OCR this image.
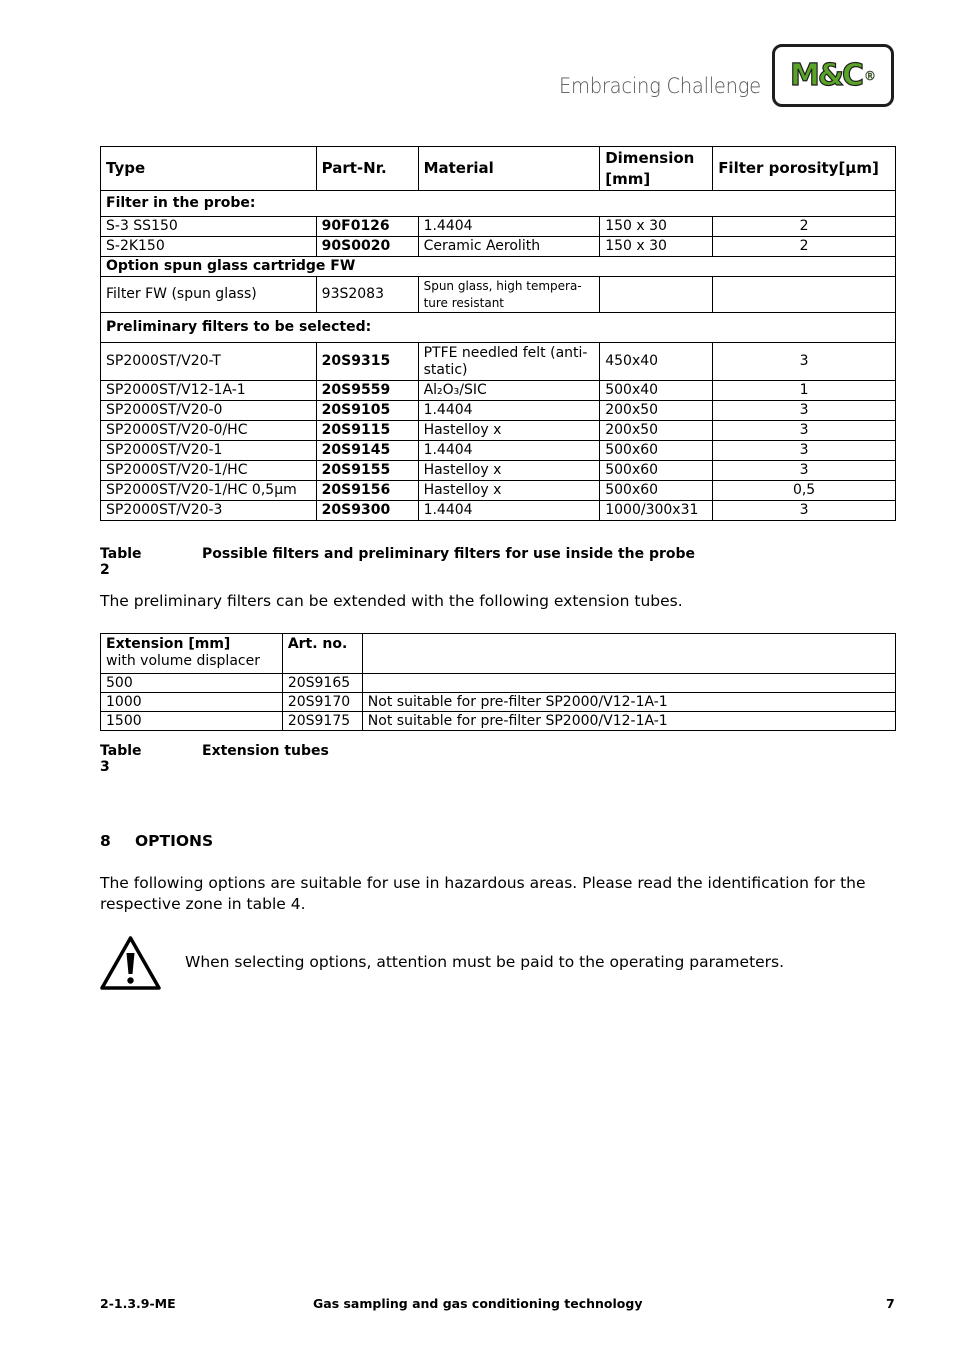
Embracing Challenge M&C ®
Type	Part-Nr.	Material	Dimension [mm]	Filter porosity[μm]
Filter in the probe:				
S-3 SS150	90F0126	1.4404	150 x 30	2
S-2K150	90S0020	Ceramic Aerolith	150 x 30	2
Option spun glass cartridge FW				
Filter FW (spun glass)	93S2083	Spun glass, high tempera-ture resistant		
Preliminary filters to be selected:				
SP2000ST/V20-T	20S9315	PTFE needled felt (anti-static)	450x40	3
SP2000ST/V12-1A-1	20S9559	Al₂O₃/SIC	500x40	1
SP2000ST/V20-0	20S9105	1.4404	200x50	3
SP2000ST/V20-0/HC	20S9115	Hastelloy x	200x50	3
SP2000ST/V20-1	20S9145	1.4404	500x60	3
SP2000ST/V20-1/HC	20S9155	Hastelloy x	500x60	3
SP2000ST/V20-1/HC 0,5μm	20S9156	Hastelloy x	500x60	0,5
SP2000ST/V20-3	20S9300	1.4404	1000/300x31	3
Table 2
Possible filters and preliminary filters for use inside the probe
The preliminary filters can be extended with the following extension tubes.
Extension [mm]
with volume displacer	Art. no.	
500	20S9165	
1000	20S9170	Not suitable for pre-filter SP2000/V12-1A-1
1500	20S9175	Not suitable for pre-filter SP2000/V12-1A-1
Table 3
Extension tubes
8 OPTIONS
The following options are suitable for use in hazardous areas. Please read the identification for the respective zone in table 4.
When selecting options, attention must be paid to the operating parameters.
2-1.3.9-ME	Gas sampling and gas conditioning technology	7
